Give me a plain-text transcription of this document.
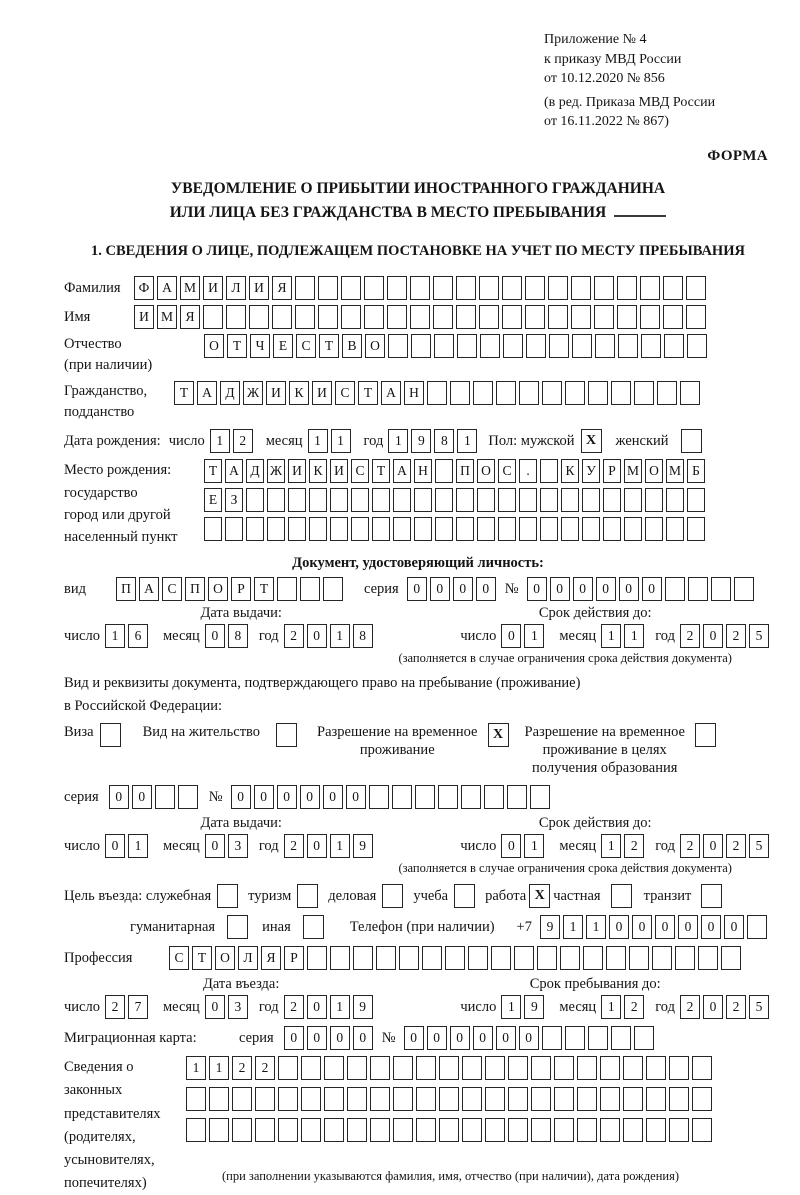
Приложение № 4
к приказу МВД России
от 10.12.2020 № 856
(в ред. Приказа МВД России
от 16.11.2022 № 867)
ФОРМА
УВЕДОМЛЕНИЕ О ПРИБЫТИИ ИНОСТРАННОГО ГРАЖДАНИНА
ИЛИ ЛИЦА БЕЗ ГРАЖДАНСТВА В МЕСТО ПРЕБЫВАНИЯ
1. СВЕДЕНИЯ О ЛИЦЕ, ПОДЛЕЖАЩЕМ ПОСТАНОВКЕ НА УЧЕТ ПО МЕСТУ ПРЕБЫВАНИЯ
Фамилия	Ф А М И	Л	И	Я
Имя	И М Я
Отчество
(при наличии)
О	Т	Ч	Е	С	Т	В	О
Гражданство,
подданство
Т	А	Д Ж И	К	И	С	Т	А Н
Дата рождения: число 1	2	месяц 1	1	год 1	9	8	1	Пол: мужской X	женский
Место рождения:
государство
город или другой
населенный пункт
Т А Д Ж И К И С Т А Н	П О С	.	К У Р М О М Б
Е З
Документ, удостоверяющий личность:
вид	П А	С	П О	Р	Т	серия	0	0	0	0	№	0	0	0	0	0	0
Дата выдачи:
число 1	6	месяц 0	8	год 2	0	1	8
Срок действия до:
число 0	1	месяц 1	1	год 2	0	2	5
(заполняется в случае ограничения срока действия документа)
Вид и реквизиты документа, подтверждающего право на пребывание (проживание)
в Российской Федерации:
Виза	Вид на жительство	Разрешение на временное
проживание
X	Разрешение на временное
проживание в целях
получения образования
серия	0	0	№	0	0	0	0	0	0
Дата выдачи:
число 0	1	месяц 0	3	год 2	0	1	9
Срок действия до:
число 0	1	месяц 1	2	год 2	0	2	5
(заполняется в случае ограничения срока действия документа)
Цель въезда: служебная	туризм	деловая	учеба	работа X частная	транзит
гуманитарная	иная	Телефон (при наличии) +7	9	1	1	0	0	0	0	0	0
Профессия	С	Т	О	Л	Я	Р
Дата въезда:
число 2	7	месяц 0	3	год 2	0	1	9
Срок пребывания до:
число 1	9	месяц 1	2	год 2	0	2	5
Миграционная карта:	серия	0	0	0	0	№	0	0	0	0	0	0
Сведения о
законных
представителях
(родителях,
усыновителях,
попечителях)
1	1	2	2
(при заполнении указываются фамилия, имя, отчество (при наличии), дата рождения)
